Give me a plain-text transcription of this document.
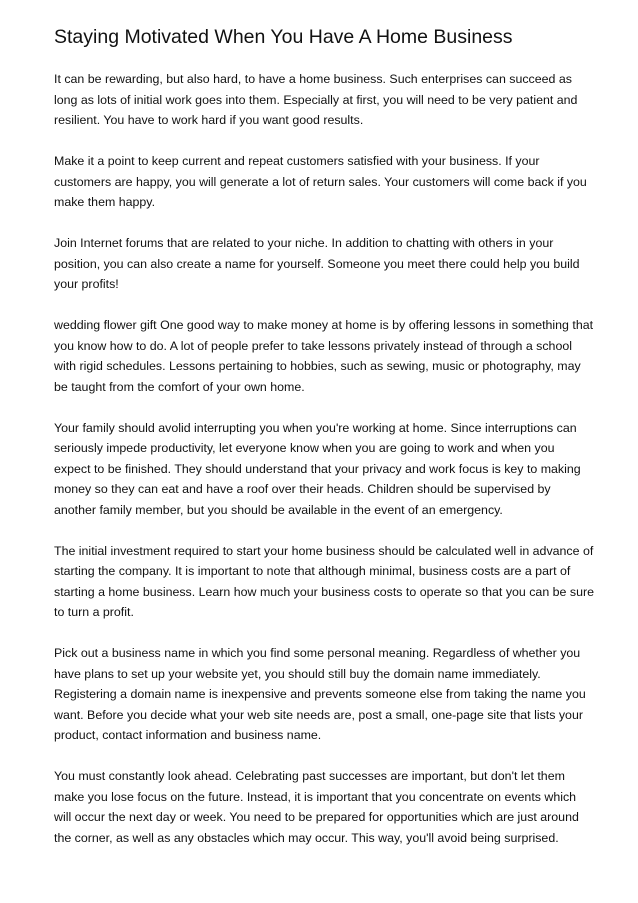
Staying Motivated When You Have A Home Business

It can be rewarding, but also hard, to have a home business. Such enterprises can succeed as long as lots of initial work goes into them. Especially at first, you will need to be very patient and resilient. You have to work hard if you want good results.

Make it a point to keep current and repeat customers satisfied with your business. If your customers are happy, you will generate a lot of return sales. Your customers will come back if you make them happy.

Join Internet forums that are related to your niche. In addition to chatting with others in your position, you can also create a name for yourself. Someone you meet there could help you build your profits!

wedding flower gift One good way to make money at home is by offering lessons in something that you know how to do. A lot of people prefer to take lessons privately instead of through a school with rigid schedules. Lessons pertaining to hobbies, such as sewing, music or photography, may be taught from the comfort of your own home.

Your family should avolid interrupting you when you're working at home. Since interruptions can seriously impede productivity, let everyone know when you are going to work and when you expect to be finished. They should understand that your privacy and work focus is key to making money so they can eat and have a roof over their heads. Children should be supervised by another family member, but you should be available in the event of an emergency.

The initial investment required to start your home business should be calculated well in advance of starting the company. It is important to note that although minimal, business costs are a part of starting a home business. Learn how much your business costs to operate so that you can be sure to turn a profit.

Pick out a business name in which you find some personal meaning. Regardless of whether you have plans to set up your website yet, you should still buy the domain name immediately. Registering a domain name is inexpensive and prevents someone else from taking the name you want. Before you decide what your web site needs are, post a small, one-page site that lists your product, contact information and business name.

You must constantly look ahead. Celebrating past successes are important, but don't let them make you lose focus on the future. Instead, it is important that you concentrate on events which will occur the next day or week. You need to be prepared for opportunities which are just around the corner, as well as any obstacles which may occur. This way, you'll avoid being surprised.
